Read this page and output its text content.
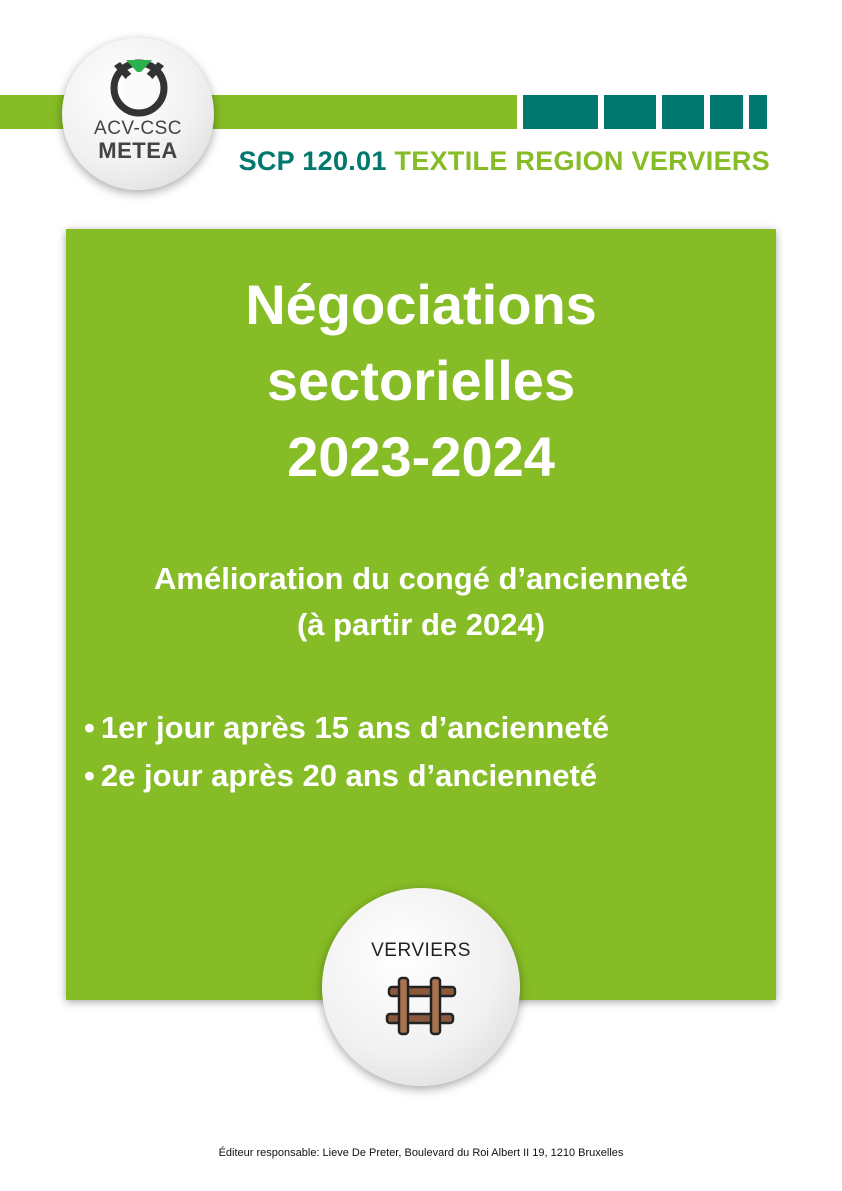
ACV-CSC
METEA	SCP 120.01 TEXTILE REGION VERVIERS
Négociations
sectorielles
2023-2024
Amélioration du congé d’ancienneté
(à partir de 2024)
• 1er jour après 15 ans d’ancienneté
• 2e jour après 20 ans d’ancienneté
VERVIERS
Éditeur responsable: Lieve De Preter, Boulevard du Roi Albert II 19, 1210 Bruxelles
